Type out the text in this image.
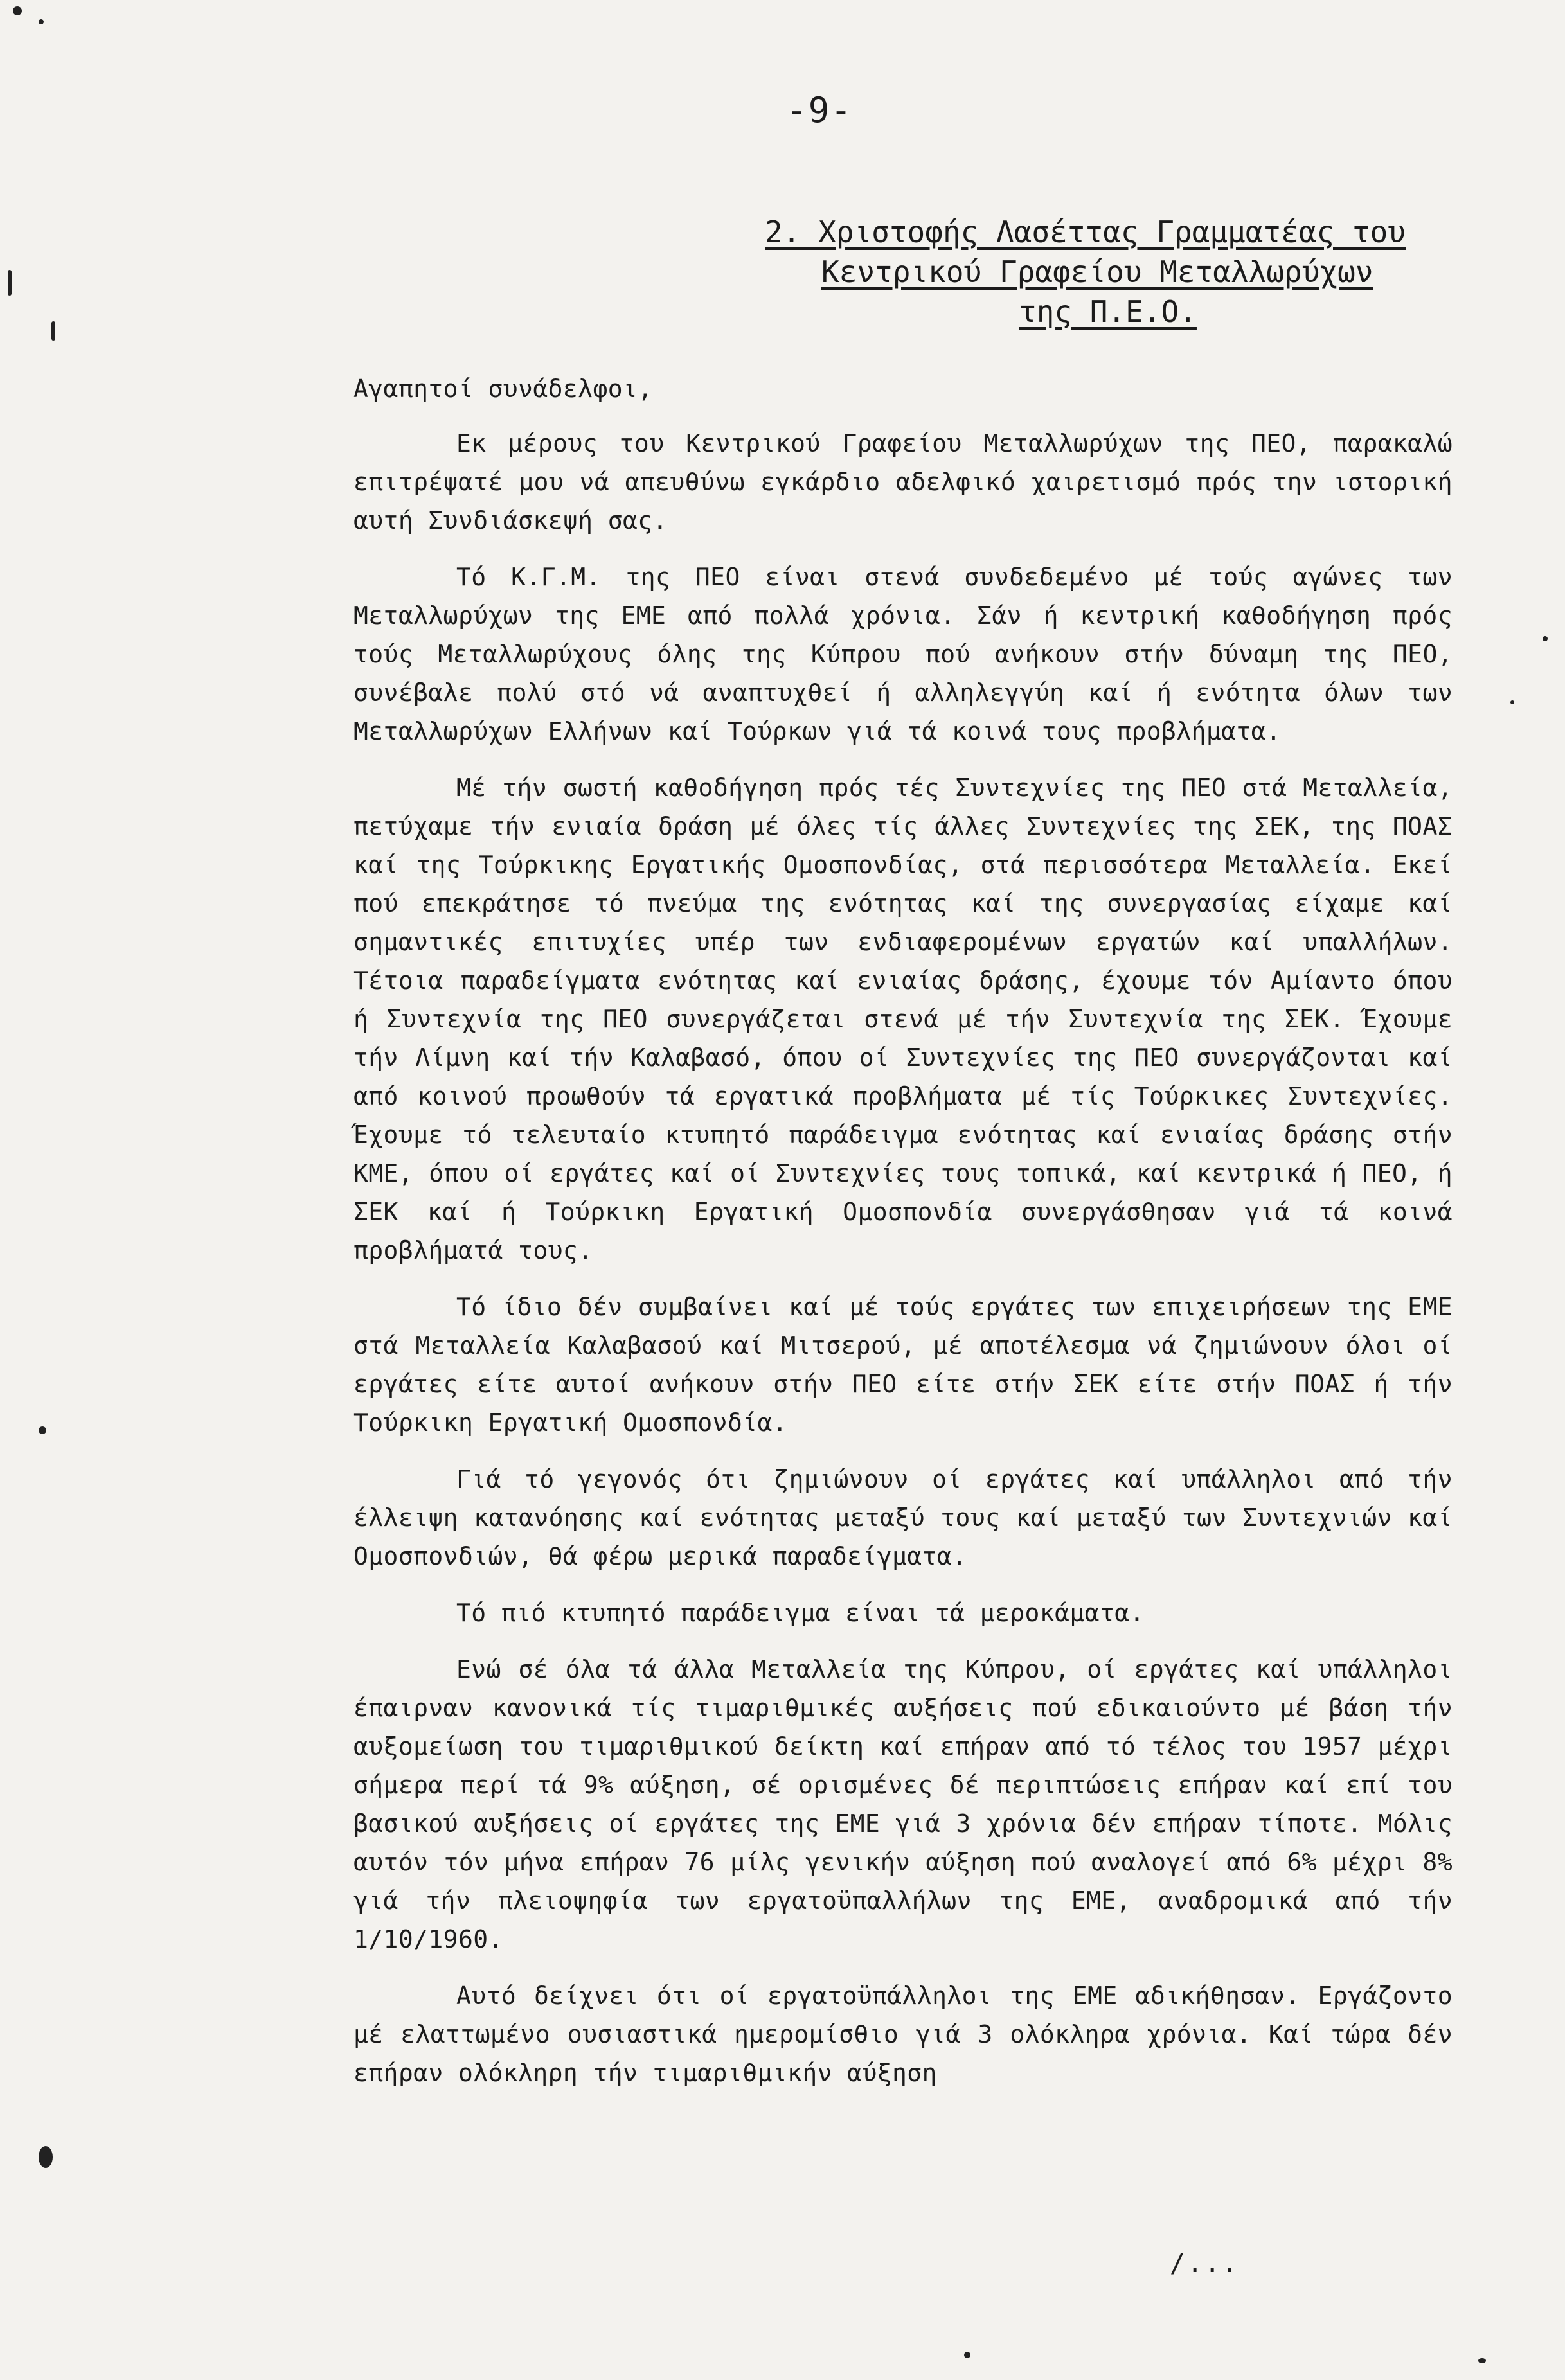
-9-
2. Χριστοφής Λασέττας Γραμματέας του
Κεντρικού Γραφείου Μεταλλωρύχων
της Π.Ε.Ο.
Αγαπητοί συνάδελφοι,

Εκ μέρους του Κεντρικού Γραφείου Μεταλλωρύχων της ΠΕΟ, παρακαλώ επιτρέψατέ μου νά απευθύνω εγκάρδιο αδελφικό χαιρετισμό πρός την ιστορική αυτή Συνδιάσκεψή σας.

Τό Κ.Γ.Μ. της ΠΕΟ είναι στενά συνδεδεμένο μέ τούς αγώνες των Μεταλλωρύχων της ΕΜΕ από πολλά χρόνια. Σάν ή κεντρική καθοδήγηση πρός τούς Μεταλλωρύχους όλης της Κύπρου πού ανήκουν στήν δύναμη της ΠΕΟ, συνέβαλε πολύ στό νά αναπτυχθεί ή αλληλεγγύη καί ή ενότητα όλων των Μεταλλωρύχων Ελλήνων καί Τούρκων γιά τά κοινά τους προβλήματα.

Μέ τήν σωστή καθοδήγηση πρός τές Συντεχνίες της ΠΕΟ στά Μεταλλεία, πετύχαμε τήν ενιαία δράση μέ όλες τίς άλλες Συντεχνίες της ΣΕΚ, της ΠΟΑΣ καί της Τούρκικης Εργατικής Ομοσπονδίας, στά περισσότερα Μεταλλεία. Εκεί πού επεκράτησε τό πνεύμα της ενότητας καί της συνεργασίας είχαμε καί σημαντικές επιτυχίες υπέρ των ενδιαφερομένων εργατών καί υπαλλήλων. Τέτοια παραδείγματα ενότητας καί ενιαίας δράσης, έχουμε τόν Αμίαντο όπου ή Συντεχνία της ΠΕΟ συνεργάζεται στενά μέ τήν Συντεχνία της ΣΕΚ. Έχουμε τήν Λίμνη καί τήν Καλαβασό, όπου οί Συντεχνίες της ΠΕΟ συνεργάζονται καί από κοινού προωθούν τά εργατικά προβλήματα μέ τίς Τούρκικες Συντεχνίες. Έχουμε τό τελευταίο κτυπητό παράδειγμα ενότητας καί ενιαίας δράσης στήν ΚΜΕ, όπου οί εργάτες καί οί Συντεχνίες τους τοπικά, καί κεντρικά ή ΠΕΟ, ή ΣΕΚ καί ή Τούρκικη Εργατική Ομοσπονδία συνεργάσθησαν γιά τά κοινά προβλήματά τους.

Τό ίδιο δέν συμβαίνει καί μέ τούς εργάτες των επιχειρήσεων της ΕΜΕ στά Μεταλλεία Καλαβασού καί Μιτσερού, μέ αποτέλεσμα νά ζημιώνουν όλοι οί εργάτες είτε αυτοί ανήκουν στήν ΠΕΟ είτε στήν ΣΕΚ είτε στήν ΠΟΑΣ ή τήν Τούρκικη Εργατική Ομοσπονδία.

Γιά τό γεγονός ότι ζημιώνουν οί εργάτες καί υπάλληλοι από τήν έλλειψη κατανόησης καί ενότητας μεταξύ τους καί μεταξύ των Συντεχνιών καί Ομοσπονδιών, θά φέρω μερικά παραδείγματα.

Τό πιό κτυπητό παράδειγμα είναι τά μεροκάματα.

Ενώ σέ όλα τά άλλα Μεταλλεία της Κύπρου, οί εργάτες καί υπάλληλοι έπαιρναν κανονικά τίς τιμαριθμικές αυξήσεις πού εδικαιούντο μέ βάση τήν αυξομείωση του τιμαριθμικού δείκτη καί επήραν από τό τέλος του 1957 μέχρι σήμερα περί τά 9% αύξηση, σέ ορισμένες δέ περιπτώσεις επήραν καί επί του βασικού αυξήσεις οί εργάτες της ΕΜΕ γιά 3 χρόνια δέν επήραν τίποτε. Μόλις αυτόν τόν μήνα επήραν 76 μίλς γενικήν αύξηση πού αναλογεί από 6% μέχρι 8% γιά τήν πλειοψηφία των εργατοϋπαλλήλων της ΕΜΕ, αναδρομικά από τήν 1/10/1960.

Αυτό δείχνει ότι οί εργατοϋπάλληλοι της ΕΜΕ αδικήθησαν. Εργάζοντο μέ ελαττωμένο ουσιαστικά ημερομίσθιο γιά 3 ολόκληρα χρόνια. Καί τώρα δέν επήραν ολόκληρη τήν τιμαριθμικήν αύξηση

/...
